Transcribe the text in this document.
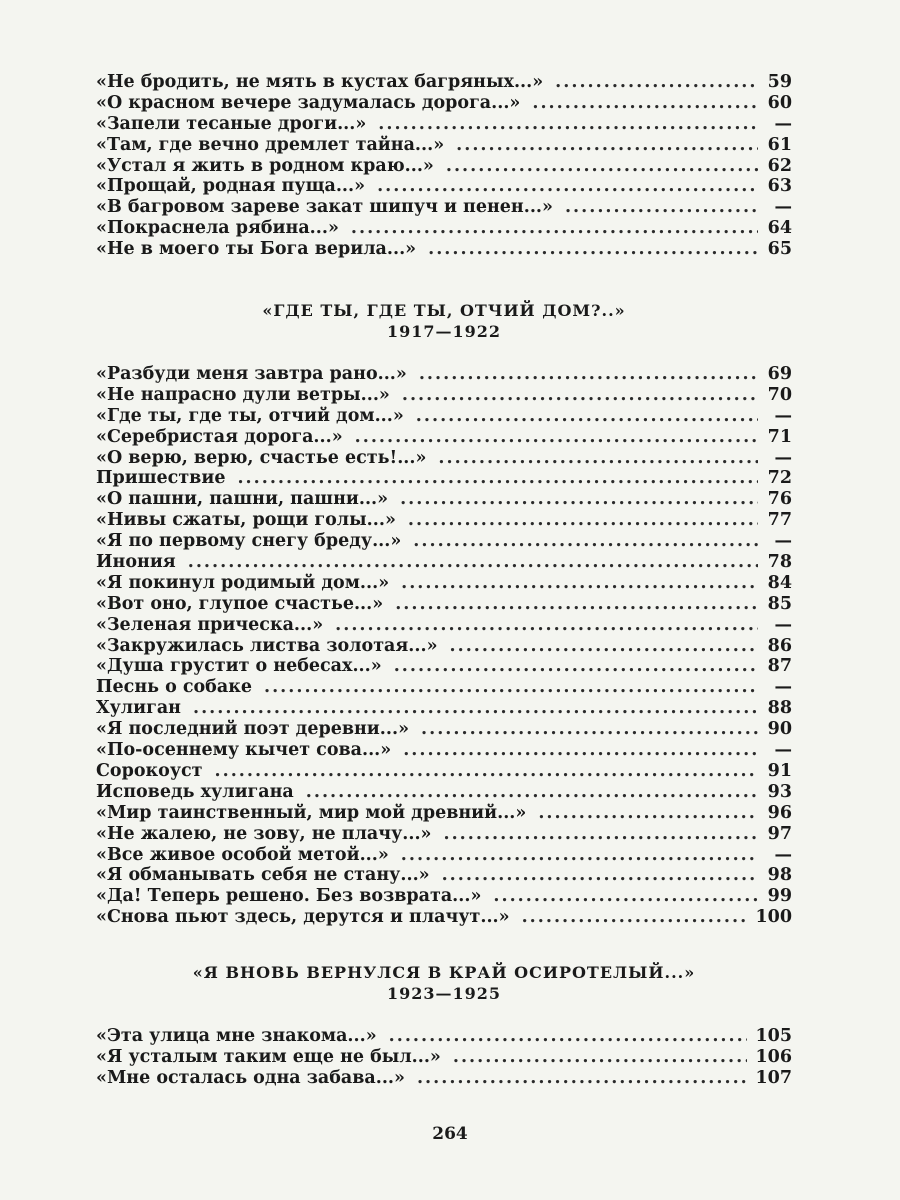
«Не бродить, не мять в кустах багряных...» .....	59
«О красном вечере задумалась дорога...» .....	60
«Запели тесаные дроги...» .....	—
«Там, где вечно дремлет тайна...» .....	61
«Устал я жить в родном краю...» .....	62
«Прощай, родная пуща...» .....	63
«В багровом зареве закат шипуч и пенен...» .....	—
«Покраснела рябина...» .....	64
«Не в моего ты Бога верила...» .....	65
«ГДЕ ТЫ, ГДЕ ТЫ, ОТЧИЙ ДОМ?..»
1917—1922
«Разбуди меня завтра рано...» .....	69
«Не напрасно дули ветры...» .....	70
«Где ты, где ты, отчий дом...» .....	—
«Серебристая дорога...» .....	71
«О верю, верю, счастье есть!...» .....	—
Пришествие .....	72
«О пашни, пашни, пашни...» .....	76
«Нивы сжаты, рощи голы...» .....	77
«Я по первому снегу бреду...» .....	—
Инония .....	78
«Я покинул родимый дом...» .....	84
«Вот оно, глупое счастье...» .....	85
«Зеленая прическа...» .....	—
«Закружилась листва золотая...» .....	86
«Душа грустит о небесах...» .....	87
Песнь о собаке .....	—
Хулиган .....	88
«Я последний поэт деревни...» .....	90
«По-осеннему кычет сова...» .....	—
Сорокоуст .....	91
Исповедь хулигана .....	93
«Мир таинственный, мир мой древний...» .....	96
«Не жалею, не зову, не плачу...» .....	97
«Все живое особой метой...» .....	—
«Я обманывать себя не стану...» .....	98
«Да! Теперь решено. Без возврата...» .....	99
«Снова пьют здесь, дерутся и плачут...» .....	100
«Я ВНОВЬ ВЕРНУЛСЯ В КРАЙ ОСИРОТЕЛЫЙ...»
1923—1925
«Эта улица мне знакома...» .....	105
«Я усталым таким еще не был...» .....	106
«Мне осталась одна забава...» .....	107
264
